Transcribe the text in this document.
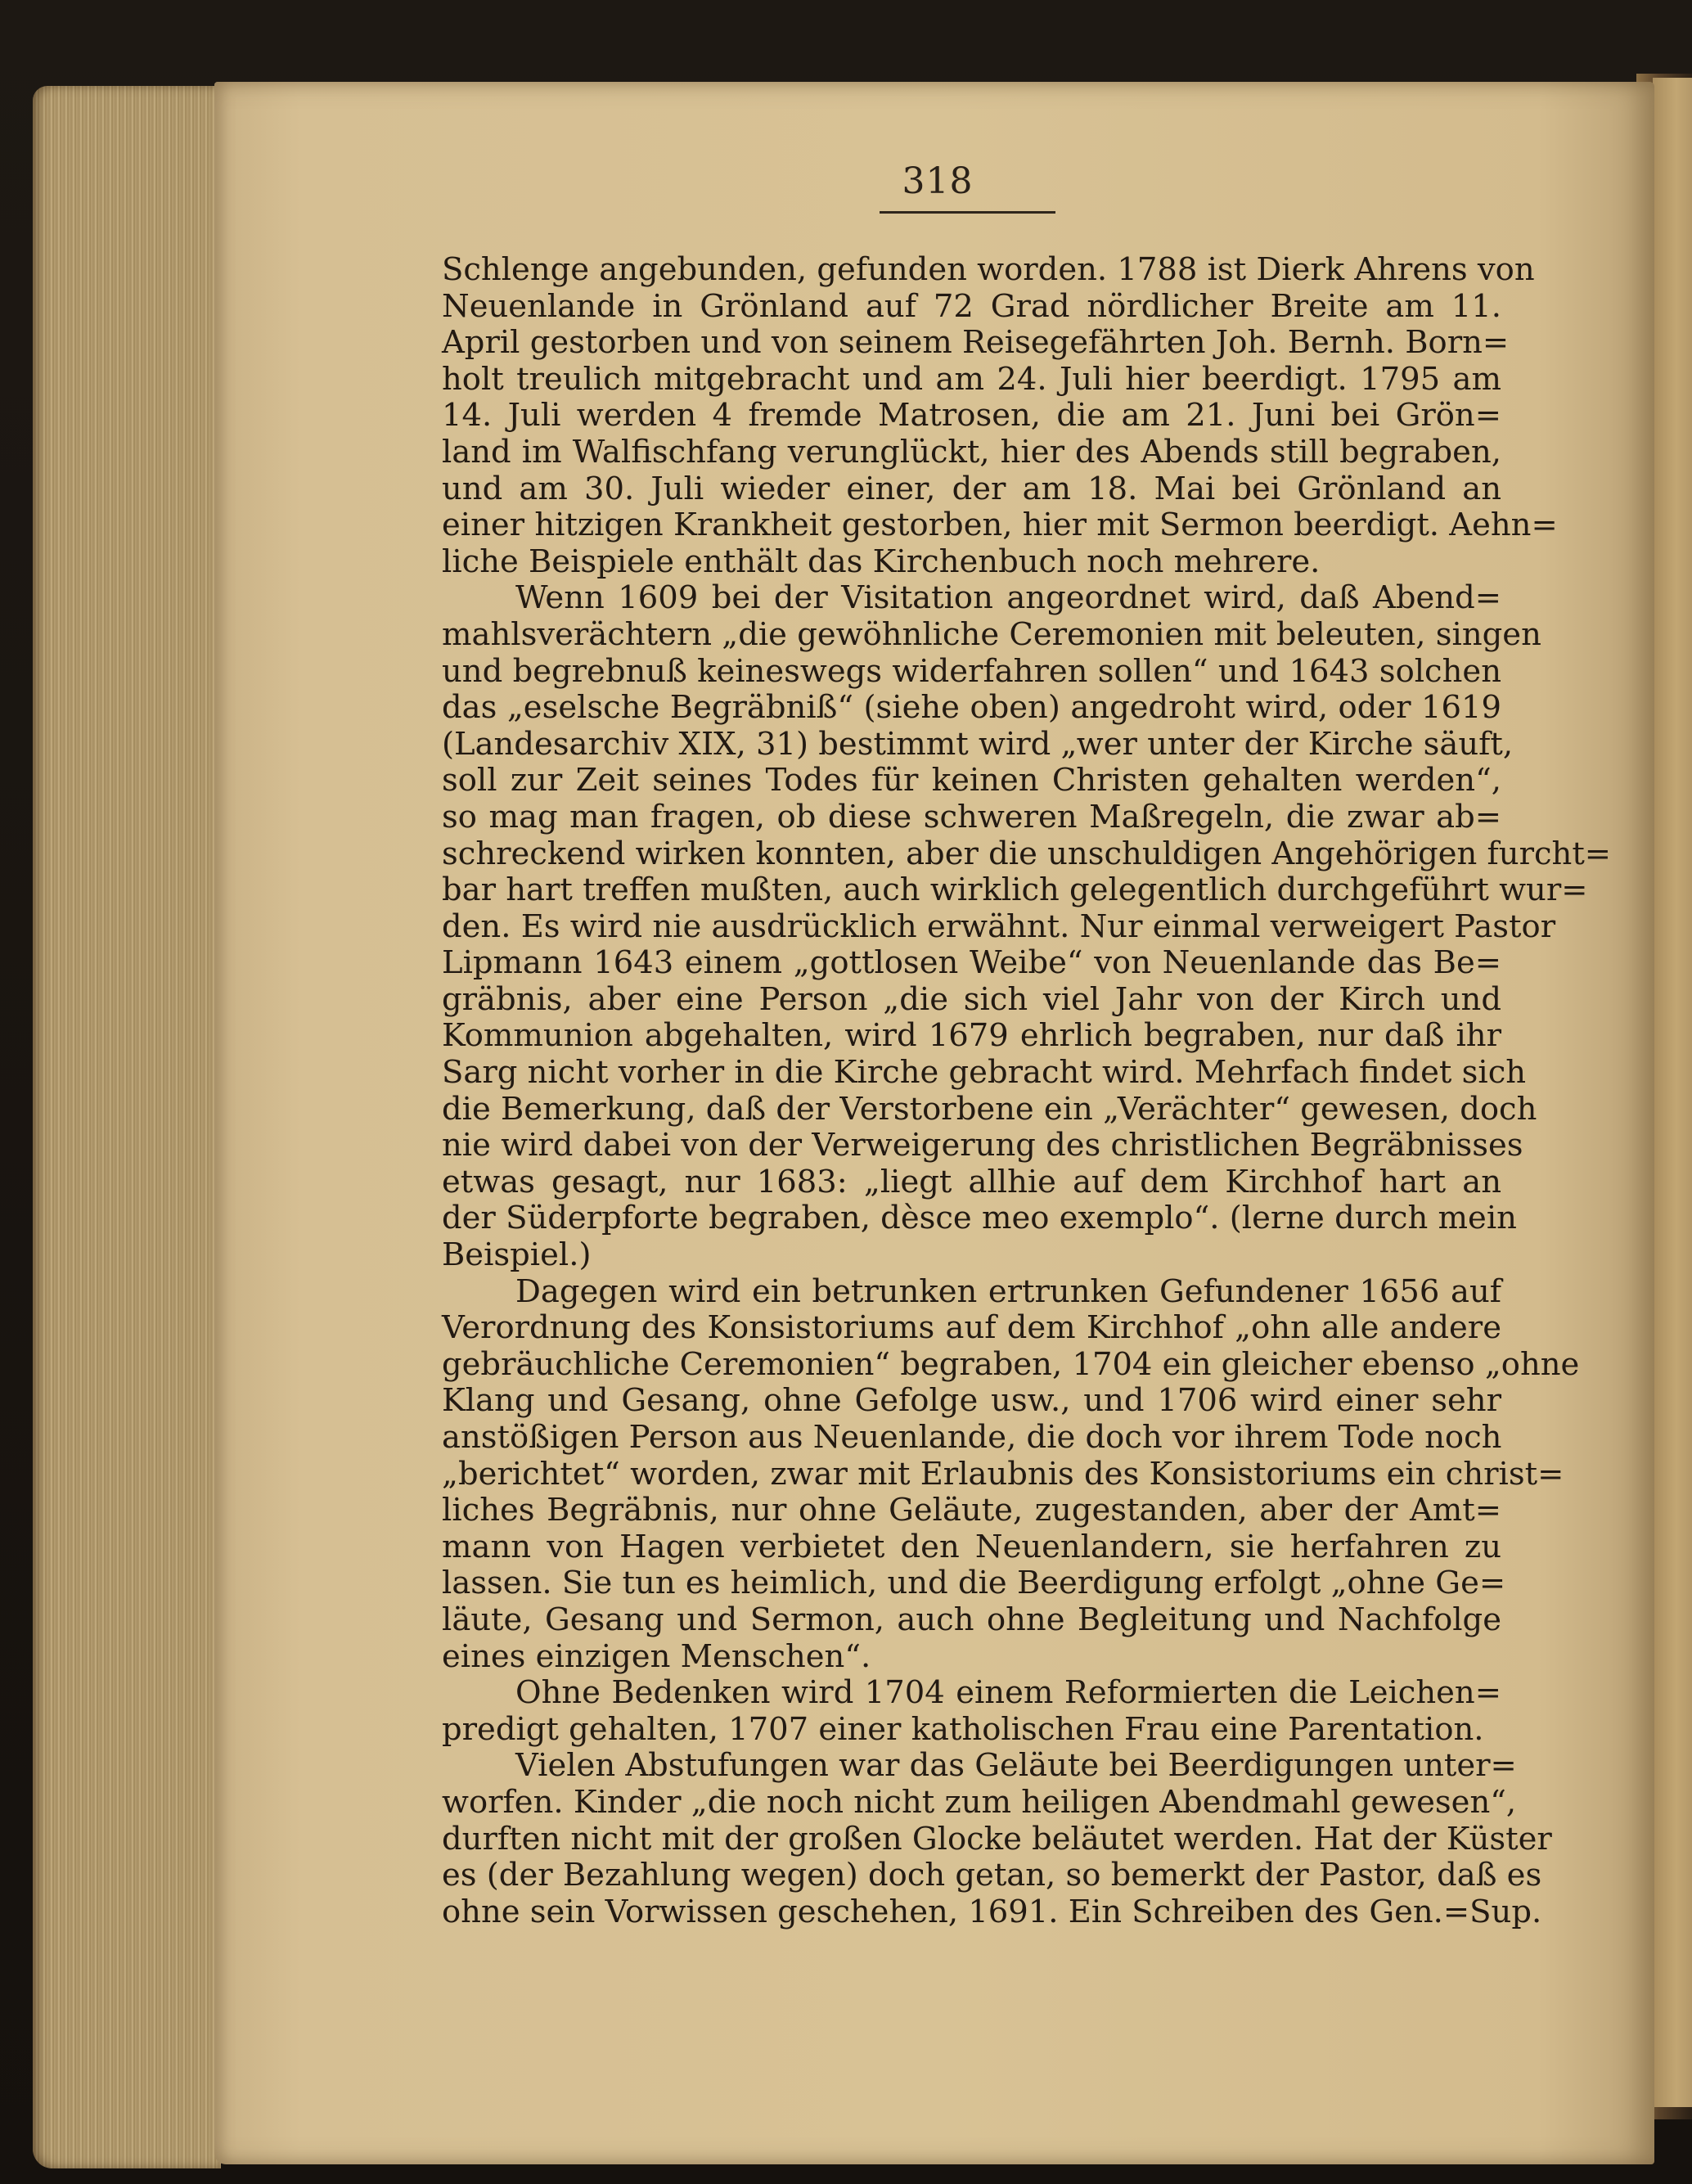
318
Schlenge angebunden, gefunden worden. 1788 ist Dierk Ahrens von
Neuenlande in Grönland auf 72 Grad nördlicher Breite am 11.
April gestorben und von seinem Reisegefährten Joh. Bernh. Born=
holt treulich mitgebracht und am 24. Juli hier beerdigt. 1795 am
14. Juli werden 4 fremde Matrosen, die am 21. Juni bei Grön=
land im Walfischfang verunglückt, hier des Abends still begraben,
und am 30. Juli wieder einer, der am 18. Mai bei Grönland an
einer hitzigen Krankheit gestorben, hier mit Sermon beerdigt. Aehn=
liche Beispiele enthält das Kirchenbuch noch mehrere.
Wenn 1609 bei der Visitation angeordnet wird, daß Abend=
mahlsverächtern „die gewöhnliche Ceremonien mit beleuten, singen
und begrebnuß keineswegs widerfahren sollen“ und 1643 solchen
das „eselsche Begräbniß“ (siehe oben) angedroht wird, oder 1619
(Landesarchiv XIX, 31) bestimmt wird „wer unter der Kirche säuft,
soll zur Zeit seines Todes für keinen Christen gehalten werden“,
so mag man fragen, ob diese schweren Maßregeln, die zwar ab=
schreckend wirken konnten, aber die unschuldigen Angehörigen furcht=
bar hart treffen mußten, auch wirklich gelegentlich durchgeführt wur=
den. Es wird nie ausdrücklich erwähnt. Nur einmal verweigert Pastor
Lipmann 1643 einem „gottlosen Weibe“ von Neuenlande das Be=
gräbnis, aber eine Person „die sich viel Jahr von der Kirch und
Kommunion abgehalten, wird 1679 ehrlich begraben, nur daß ihr
Sarg nicht vorher in die Kirche gebracht wird. Mehrfach findet sich
die Bemerkung, daß der Verstorbene ein „Verächter“ gewesen, doch
nie wird dabei von der Verweigerung des christlichen Begräbnisses
etwas gesagt, nur 1683: „liegt allhie auf dem Kirchhof hart an
der Süderpforte begraben, dèsce meo exemplo“. (lerne durch mein
Beispiel.)
Dagegen wird ein betrunken ertrunken Gefundener 1656 auf
Verordnung des Konsistoriums auf dem Kirchhof „ohn alle andere
gebräuchliche Ceremonien“ begraben, 1704 ein gleicher ebenso „ohne
Klang und Gesang, ohne Gefolge usw., und 1706 wird einer sehr
anstößigen Person aus Neuenlande, die doch vor ihrem Tode noch
„berichtet“ worden, zwar mit Erlaubnis des Konsistoriums ein christ=
liches Begräbnis, nur ohne Geläute, zugestanden, aber der Amt=
mann von Hagen verbietet den Neuenlandern, sie herfahren zu
lassen. Sie tun es heimlich, und die Beerdigung erfolgt „ohne Ge=
läute, Gesang und Sermon, auch ohne Begleitung und Nachfolge
eines einzigen Menschen“.
Ohne Bedenken wird 1704 einem Reformierten die Leichen=
predigt gehalten, 1707 einer katholischen Frau eine Parentation.
Vielen Abstufungen war das Geläute bei Beerdigungen unter=
worfen. Kinder „die noch nicht zum heiligen Abendmahl gewesen“,
durften nicht mit der großen Glocke beläutet werden. Hat der Küster
es (der Bezahlung wegen) doch getan, so bemerkt der Pastor, daß es
ohne sein Vorwissen geschehen, 1691. Ein Schreiben des Gen.=Sup.
